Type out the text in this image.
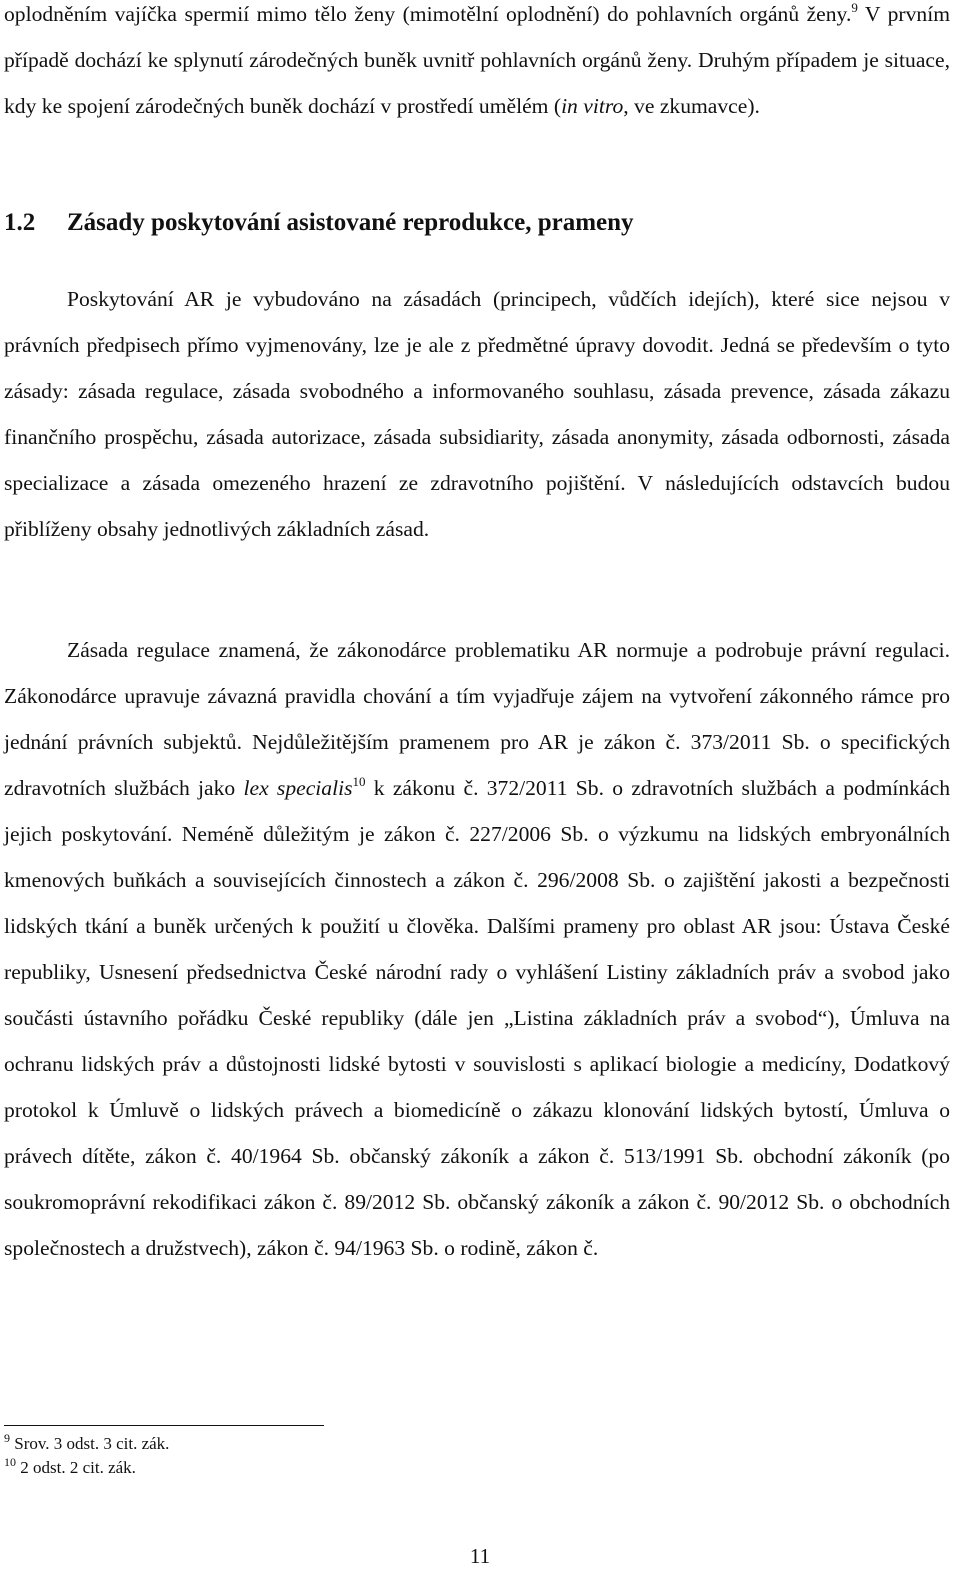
oplodněním vajíčka spermií mimo tělo ženy (mimotělní oplodnění) do pohlavních orgánů ženy.$^9$ V prvním případě dochází ke splynutí zárodečných buněk uvnitř pohlavních orgánů ženy. Druhým případem je situace, kdy ke spojení zárodečných buněk dochází v prostředí umělém (in vitro, ve zkumavce).

1.2 Zásady poskytování asistované reprodukce, prameny

Poskytování AR je vybudováno na zásadách (principech, vůdčích idejích), které sice nejsou v právních předpisech přímo vyjmenovány, lze je ale z předmětné úpravy dovodit. Jedná se především o tyto zásady: zásada regulace, zásada svobodného a informovaného souhlasu, zásada prevence, zásada zákazu finančního prospěchu, zásada autorizace, zásada subsidiarity, zásada anonymity, zásada odbornosti, zásada specializace a zásada omezeného hrazení ze zdravotního pojištění. V následujících odstavcích budou přiblíženy obsahy jednotlivých základních zásad.

Zásada regulace znamená, že zákonodárce problematiku AR normuje a podrobuje právní regulaci. Zákonodárce upravuje závazná pravidla chování a tím vyjadřuje zájem na vytvoření zákonného rámce pro jednání právních subjektů. Nejdůležitějším pramenem pro AR je zákon č. 373/2011 Sb. o specifických zdravotních službách jako lex specialis$^{10}$ k zákonu č. 372/2011 Sb. o zdravotních službách a podmínkách jejich poskytování. Neméně důležitým je zákon č. 227/2006 Sb. o výzkumu na lidských embryonálních kmenových buňkách a souvisejících činnostech a zákon č. 296/2008 Sb. o zajištění jakosti a bezpečnosti lidských tkání a buněk určených k použití u člověka. Dalšími prameny pro oblast AR jsou: Ústava České republiky, Usnesení předsednictva České národní rady o vyhlášení Listiny základních práv a svobod jako součásti ústavního pořádku České republiky (dále jen „Listina základních práv a svobod“), Úmluva na ochranu lidských práv a důstojnosti lidské bytosti v souvislosti s aplikací biologie a medicíny, Dodatkový protokol k Úmluvě o lidských právech a biomedicíně o zákazu klonování lidských bytostí, Úmluva o právech dítěte, zákon č. 40/1964 Sb. občanský zákoník a zákon č. 513/1991 Sb. obchodní zákoník (po soukromoprávní rekodifikaci zákon č. 89/2012 Sb. občanský zákoník a zákon č. 90/2012 Sb. o obchodních společnostech a družstvech), zákon č. 94/1963 Sb. o rodině, zákon č.

$^9$ Srov. 3 odst. 3 cit. zák.
$^{10}$ 2 odst. 2 cit. zák.
11
